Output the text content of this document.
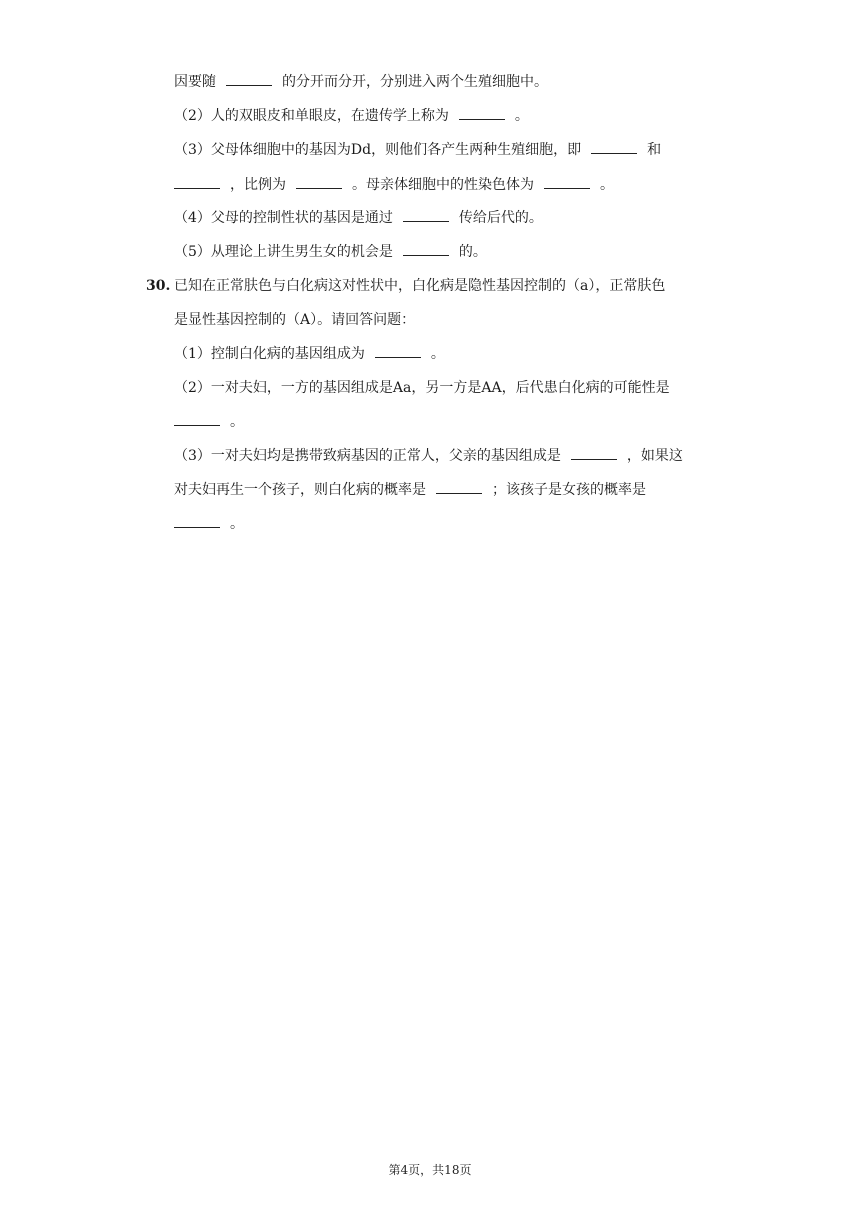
因要随	的分开而分开，分别进入两个生殖细胞中。
（2）人的双眼皮和单眼皮，在遗传学上称为	。
（3）父母体细胞中的基因为Dd，则他们各产生两种生殖细胞，即	和
，比例为	。母亲体细胞中的性染色体为	。
（4）父母的控制性状的基因是通过	传给后代的。
（5）从理论上讲生男生女的机会是	的。
30. 已知在正常肤色与白化病这对性状中，白化病是隐性基因控制的（a），正常肤色
是显性基因控制的（A）。请回答问题：
（1）控制白化病的基因组成为	。
（2）一对夫妇，一方的基因组成是Aa，另一方是AA，后代患白化病的可能性是
。
（3）一对夫妇均是携带致病基因的正常人，父亲的基因组成是	，如果这
对夫妇再生一个孩子，则白化病的概率是	；该孩子是女孩的概率是
。
第4页，共18页
